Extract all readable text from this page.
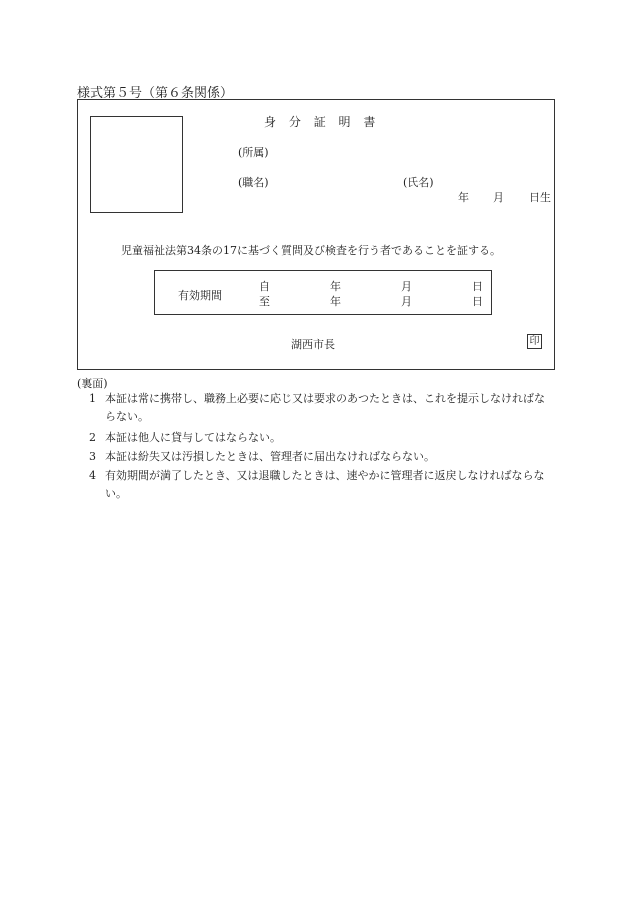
様式第５号（第６条関係）
身 分 証 明 書
(所属)
(職名)	(氏名)
年 月 日生
児童福祉法第34条の17に基づく質問及び検査を行う者であることを証する。
有効期間
自	年	月	日
至	年	月	日
湖西市長	印
(裏面)
1 本証は常に携帯し、職務上必要に応じ又は要求のあつたときは、これを提示しなければならない。
2 本証は他人に貸与してはならない。
3 本証は紛失又は汚損したときは、管理者に届出なければならない。
4 有効期間が満了したとき、又は退職したときは、速やかに管理者に返戻しなければならない。
